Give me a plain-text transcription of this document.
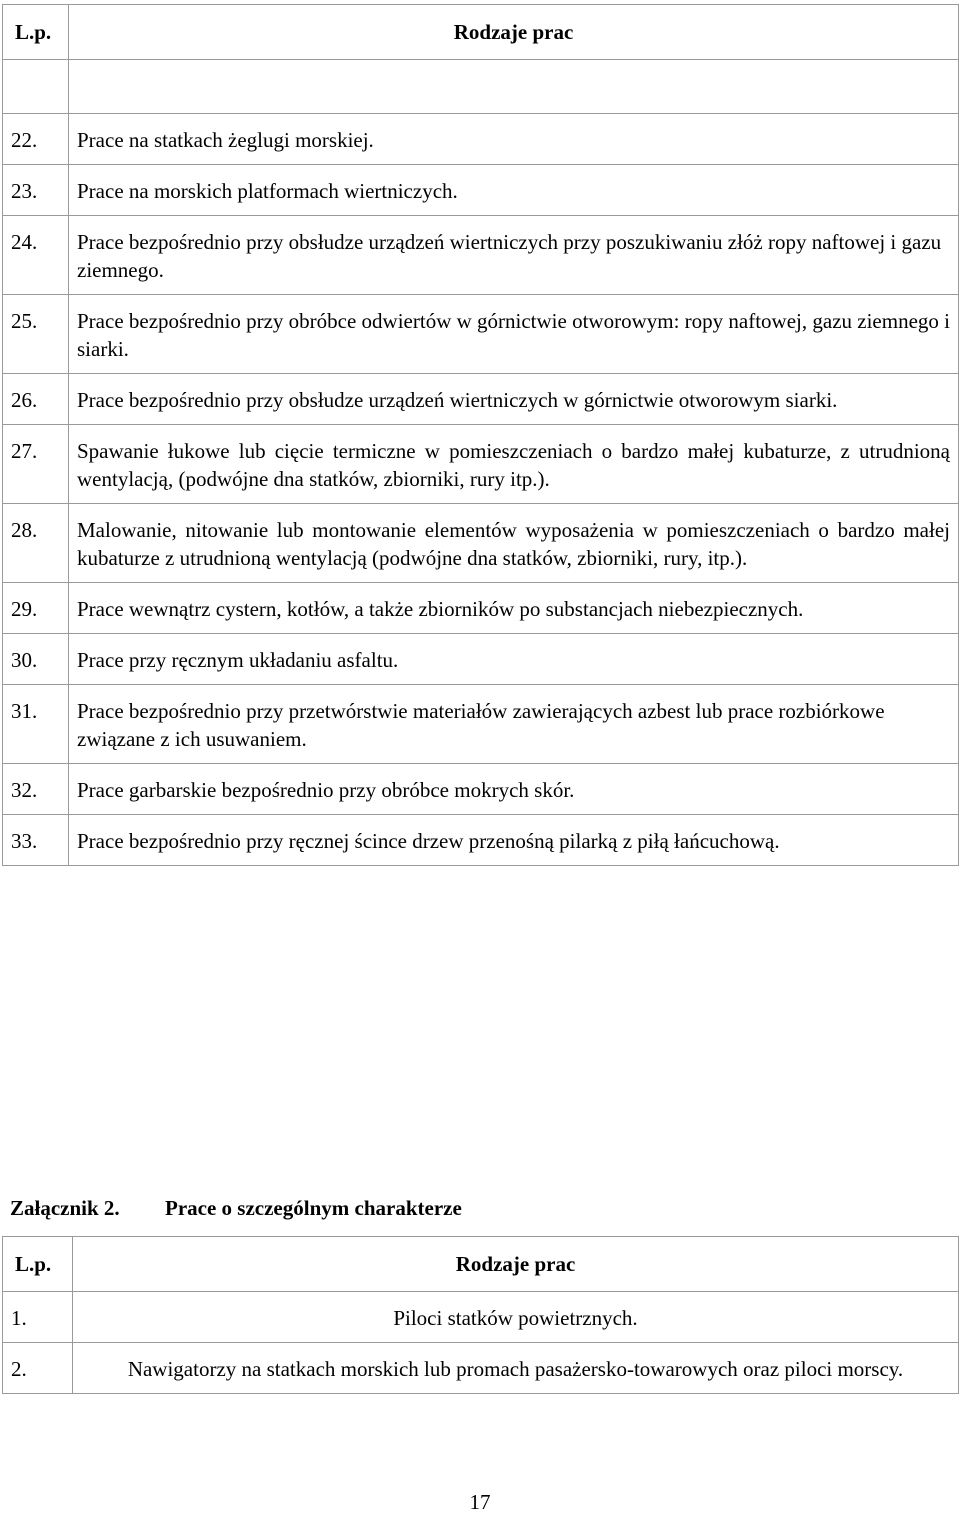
L.p.	Rodzaje prac

22.	Prace na statkach żeglugi morskiej.
23.	Prace na morskich platformach wiertniczych.
24.	Prace bezpośrednio przy obsłudze urządzeń wiertniczych przy poszukiwaniu złóż ropy naftowej i gazu ziemnego.
25.	Prace bezpośrednio przy obróbce odwiertów w górnictwie otworowym: ropy naftowej, gazu ziemnego i siarki.
26.	Prace bezpośrednio przy obsłudze urządzeń wiertniczych w górnictwie otworowym siarki.
27.	Spawanie łukowe lub cięcie termiczne w pomieszczeniach o bardzo małej kubaturze, z utrudnioną wentylacją, (podwójne dna statków, zbiorniki, rury itp.).
28.	Malowanie, nitowanie lub montowanie elementów wyposażenia w pomieszczeniach o bardzo małej kubaturze z utrudnioną wentylacją (podwójne dna statków, zbiorniki, rury, itp.).
29.	Prace wewnątrz cystern, kotłów, a także zbiorników po substancjach niebezpiecznych.
30.	Prace przy ręcznym układaniu asfaltu.
31.	Prace bezpośrednio przy przetwórstwie materiałów zawierających azbest lub prace rozbiórkowe związane z ich usuwaniem.
32.	Prace garbarskie bezpośrednio przy obróbce mokrych skór.
33.	Prace bezpośrednio przy ręcznej ścince drzew przenośną pilarką z piłą łańcuchową.
Załącznik 2. Prace o szczególnym charakterze
L.p.	Rodzaje prac
1.	Piloci statków powietrznych.
2.	Nawigatorzy na statkach morskich lub promach pasażersko-towarowych oraz piloci morscy.
17
